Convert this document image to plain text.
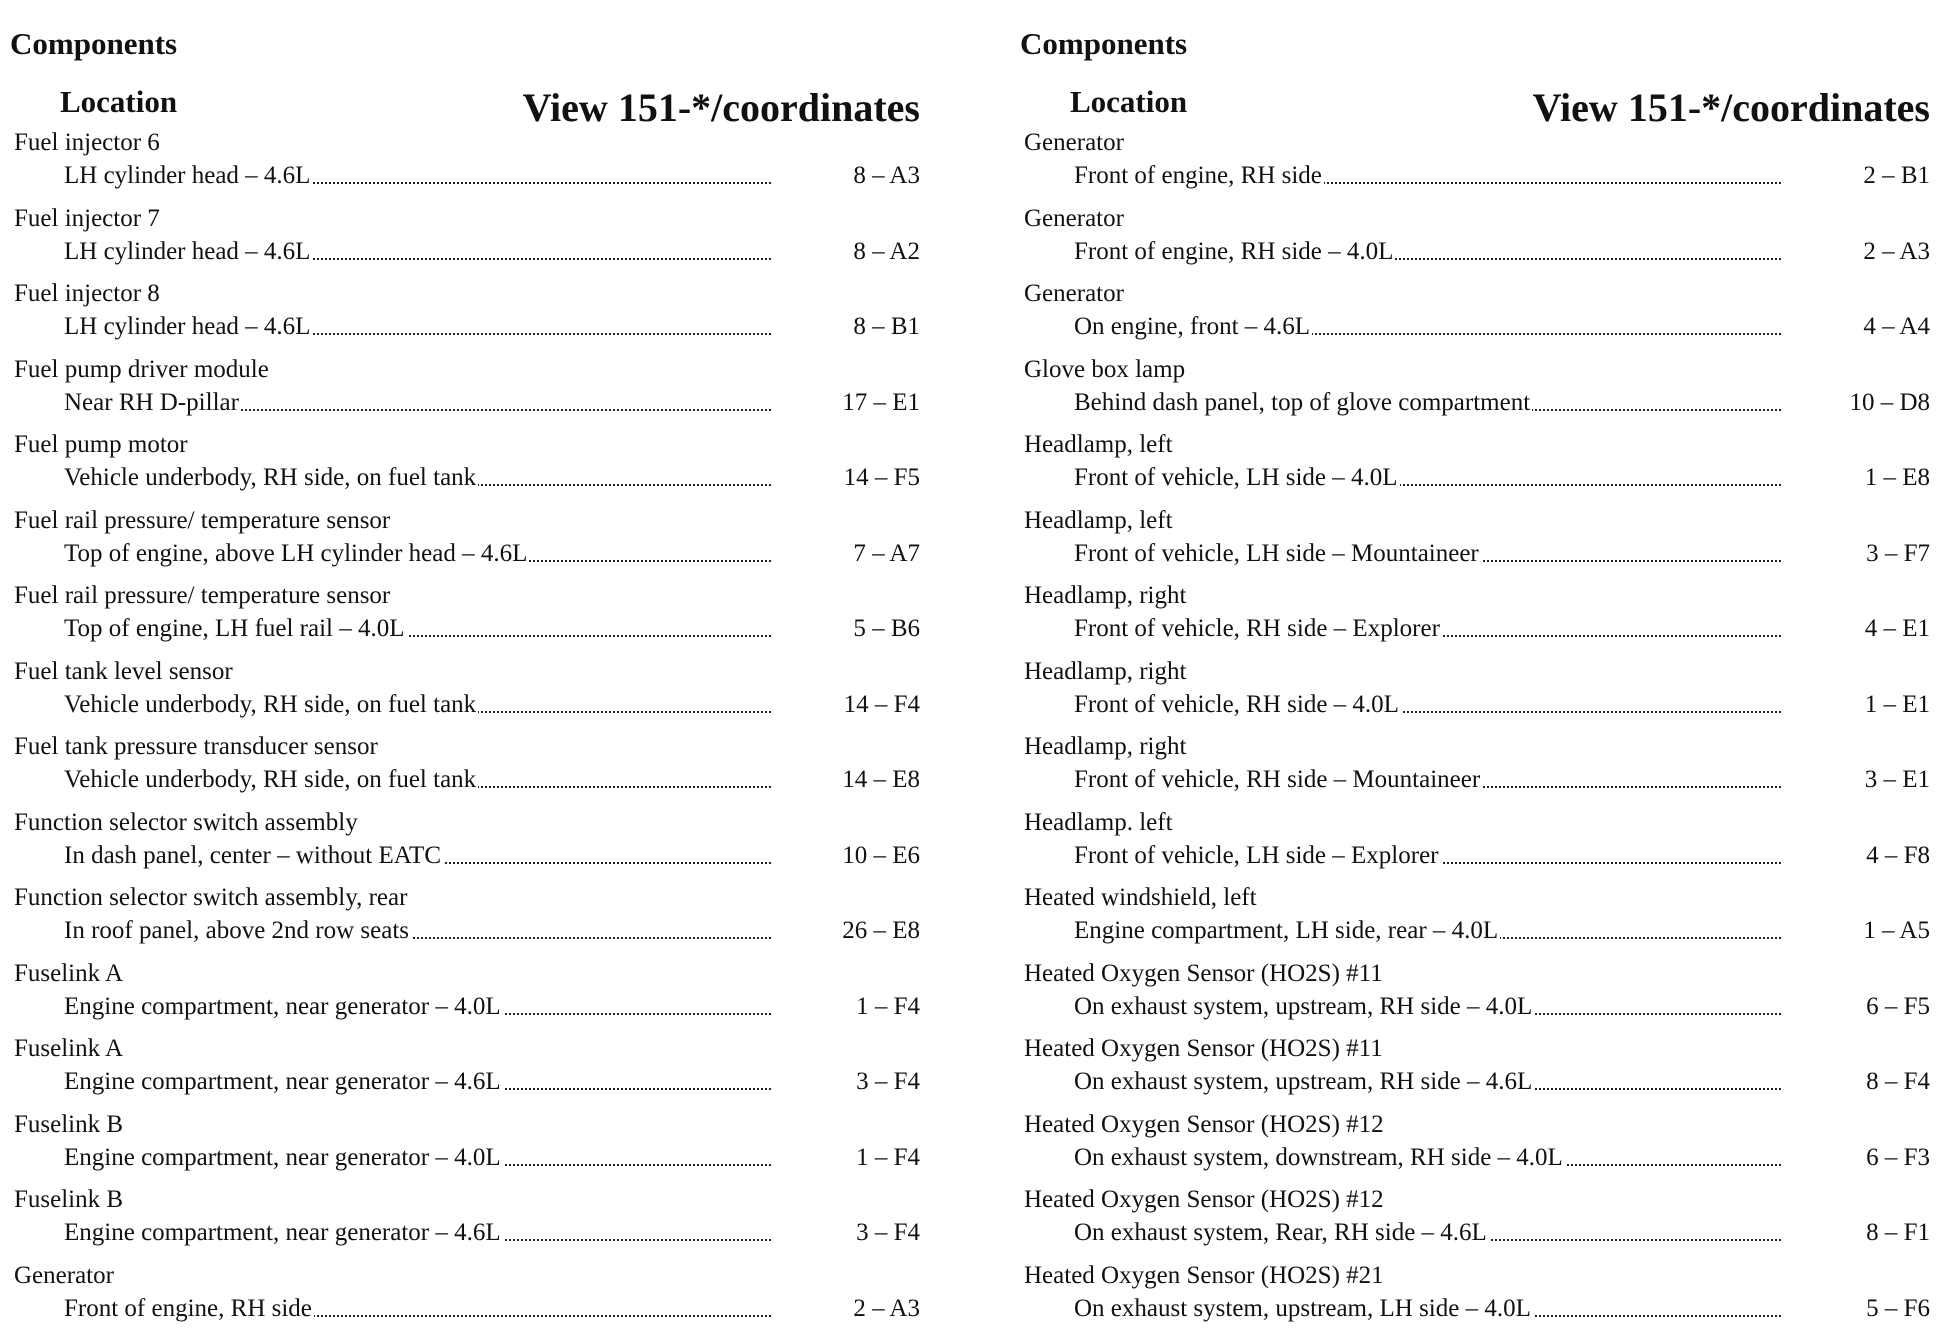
Components
Location	View 151-*/coordinates
Fuel injector 6
LH cylinder head – 4.6L	8 – A3
Fuel injector 7
LH cylinder head – 4.6L	8 – A2
Fuel injector 8
LH cylinder head – 4.6L	8 – B1
Fuel pump driver module
Near RH D-pillar	17 – E1
Fuel pump motor
Vehicle underbody, RH side, on fuel tank	14 – F5
Fuel rail pressure/ temperature sensor
Top of engine, above LH cylinder head – 4.6L	7 – A7
Fuel rail pressure/ temperature sensor
Top of engine, LH fuel rail – 4.0L	5 – B6
Fuel tank level sensor
Vehicle underbody, RH side, on fuel tank	14 – F4
Fuel tank pressure transducer sensor
Vehicle underbody, RH side, on fuel tank	14 – E8
Function selector switch assembly
In dash panel, center – without EATC	10 – E6
Function selector switch assembly, rear
In roof panel, above 2nd row seats	26 – E8
Fuselink A
Engine compartment, near generator – 4.0L	1 – F4
Fuselink A
Engine compartment, near generator – 4.6L	3 – F4
Fuselink B
Engine compartment, near generator – 4.0L	1 – F4
Fuselink B
Engine compartment, near generator – 4.6L	3 – F4
Generator
Front of engine, RH side	2 – A3
Components
Location	View 151-*/coordinates
Generator
Front of engine, RH side	2 – B1
Generator
Front of engine, RH side – 4.0L	2 – A3
Generator
On engine, front – 4.6L	4 – A4
Glove box lamp
Behind dash panel, top of glove compartment	10 – D8
Headlamp, left
Front of vehicle, LH side – 4.0L	1 – E8
Headlamp, left
Front of vehicle, LH side – Mountaineer	3 – F7
Headlamp, right
Front of vehicle, RH side – Explorer	4 – E1
Headlamp, right
Front of vehicle, RH side – 4.0L	1 – E1
Headlamp, right
Front of vehicle, RH side – Mountaineer	3 – E1
Headlamp. left
Front of vehicle, LH side – Explorer	4 – F8
Heated windshield, left
Engine compartment, LH side, rear – 4.0L	1 – A5
Heated Oxygen Sensor (HO2S) #11
On exhaust system, upstream, RH side – 4.0L	6 – F5
Heated Oxygen Sensor (HO2S) #11
On exhaust system, upstream, RH side – 4.6L	8 – F4
Heated Oxygen Sensor (HO2S) #12
On exhaust system, downstream, RH side – 4.0L	6 – F3
Heated Oxygen Sensor (HO2S) #12
On exhaust system, Rear, RH side – 4.6L	8 – F1
Heated Oxygen Sensor (HO2S) #21
On exhaust system, upstream, LH side – 4.0L	5 – F6
